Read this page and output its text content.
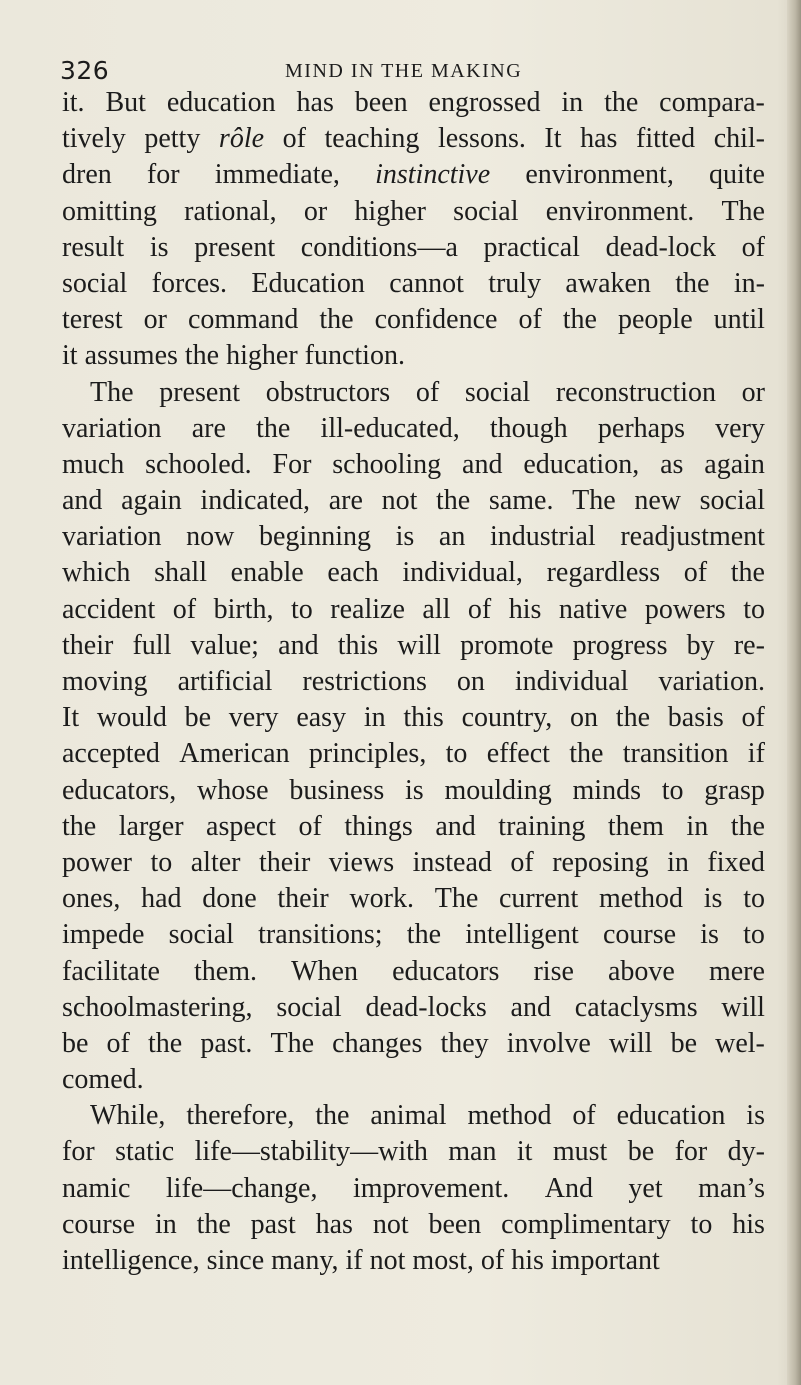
326	MIND IN THE MAKING
it. But education has been engrossed in the compara-
tively petty rôle of teaching lessons. It has fitted chil-
dren for immediate, instinctive environment, quite
omitting rational, or higher social environment. The
result is present conditions—a practical dead-lock of
social forces. Education cannot truly awaken the in-
terest or command the confidence of the people until
it assumes the higher function.
The present obstructors of social reconstruction or
variation are the ill-educated, though perhaps very
much schooled. For schooling and education, as again
and again indicated, are not the same. The new social
variation now beginning is an industrial readjustment
which shall enable each individual, regardless of the
accident of birth, to realize all of his native powers to
their full value; and this will promote progress by re-
moving artificial restrictions on individual variation.
It would be very easy in this country, on the basis of
accepted American principles, to effect the transition if
educators, whose business is moulding minds to grasp
the larger aspect of things and training them in the
power to alter their views instead of reposing in fixed
ones, had done their work. The current method is to
impede social transitions; the intelligent course is to
facilitate them. When educators rise above mere
schoolmastering, social dead-locks and cataclysms will
be of the past. The changes they involve will be wel-
comed.
While, therefore, the animal method of education is
for static life—stability—with man it must be for dy-
namic life—change, improvement. And yet man’s
course in the past has not been complimentary to his
intelligence, since many, if not most, of his important
